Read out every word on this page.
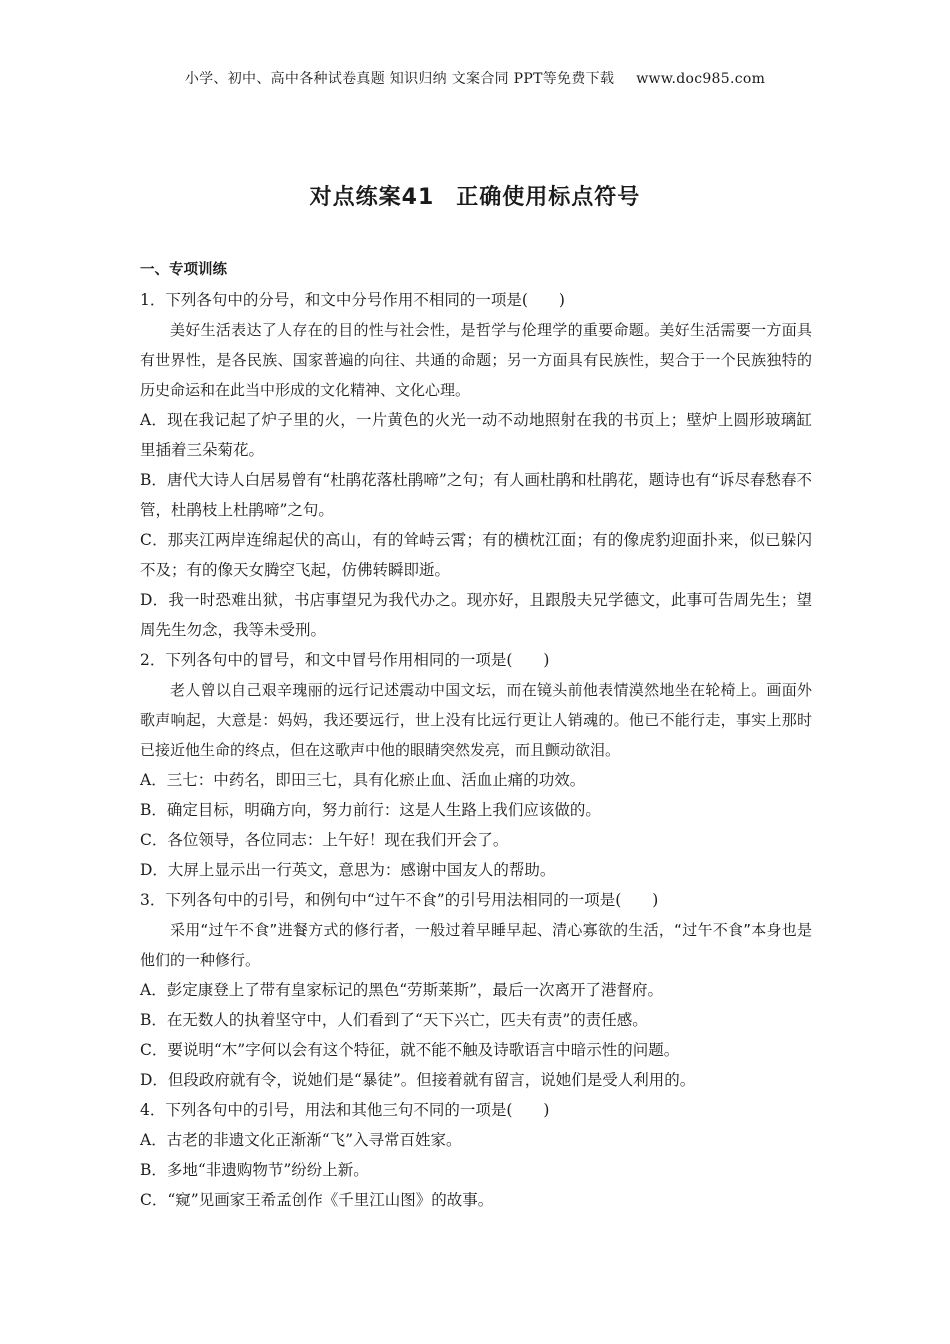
小学、初中、高中各种试卷真题 知识归纳 文案合同 PPT等免费下载 www.doc985.com
对点练案41 正确使用标点符号
一、专项训练
1．下列各句中的分号，和文中分号作用不相同的一项是(　　)
美好生活表达了人存在的目的性与社会性，是哲学与伦理学的重要命题。美好生活需要一方面具有世界性，是各民族、国家普遍的向往、共通的命题；另一方面具有民族性，契合于一个民族独特的历史命运和在此当中形成的文化精神、文化心理。
A．现在我记起了炉子里的火，一片黄色的火光一动不动地照射在我的书页上；壁炉上圆形玻璃缸里插着三朵菊花。
B．唐代大诗人白居易曾有“杜鹃花落杜鹃啼”之句；有人画杜鹃和杜鹃花，题诗也有“诉尽春愁春不管，杜鹃枝上杜鹃啼”之句。
C．那夹江两岸连绵起伏的高山，有的耸峙云霄；有的横枕江面；有的像虎豹迎面扑来，似已躲闪不及；有的像天女腾空飞起，仿佛转瞬即逝。
D．我一时恐难出狱，书店事望兄为我代办之。现亦好，且跟殷夫兄学德文，此事可告周先生；望周先生勿念，我等未受刑。
2．下列各句中的冒号，和文中冒号作用相同的一项是(　　)
老人曾以自己艰辛瑰丽的远行记述震动中国文坛，而在镜头前他表情漠然地坐在轮椅上。画面外歌声响起，大意是：妈妈，我还要远行，世上没有比远行更让人销魂的。他已不能行走，事实上那时已接近他生命的终点，但在这歌声中他的眼睛突然发亮，而且颤动欲泪。
A．三七：中药名，即田三七，具有化瘀止血、活血止痛的功效。
B．确定目标，明确方向，努力前行：这是人生路上我们应该做的。
C．各位领导，各位同志：上午好！现在我们开会了。
D．大屏上显示出一行英文，意思为：感谢中国友人的帮助。
3．下列各句中的引号，和例句中“过午不食”的引号用法相同的一项是(　　)
采用“过午不食”进餐方式的修行者，一般过着早睡早起、清心寡欲的生活，“过午不食”本身也是他们的一种修行。
A．彭定康登上了带有皇家标记的黑色“劳斯莱斯”，最后一次离开了港督府。
B．在无数人的执着坚守中，人们看到了“天下兴亡，匹夫有责”的责任感。
C．要说明“木”字何以会有这个特征，就不能不触及诗歌语言中暗示性的问题。
D．但段政府就有令，说她们是“暴徒”。但接着就有留言，说她们是受人利用的。
4．下列各句中的引号，用法和其他三句不同的一项是(　　)
A．古老的非遗文化正渐渐“飞”入寻常百姓家。
B．多地“非遗购物节”纷纷上新。
C．“窥”见画家王希孟创作《千里江山图》的故事。
